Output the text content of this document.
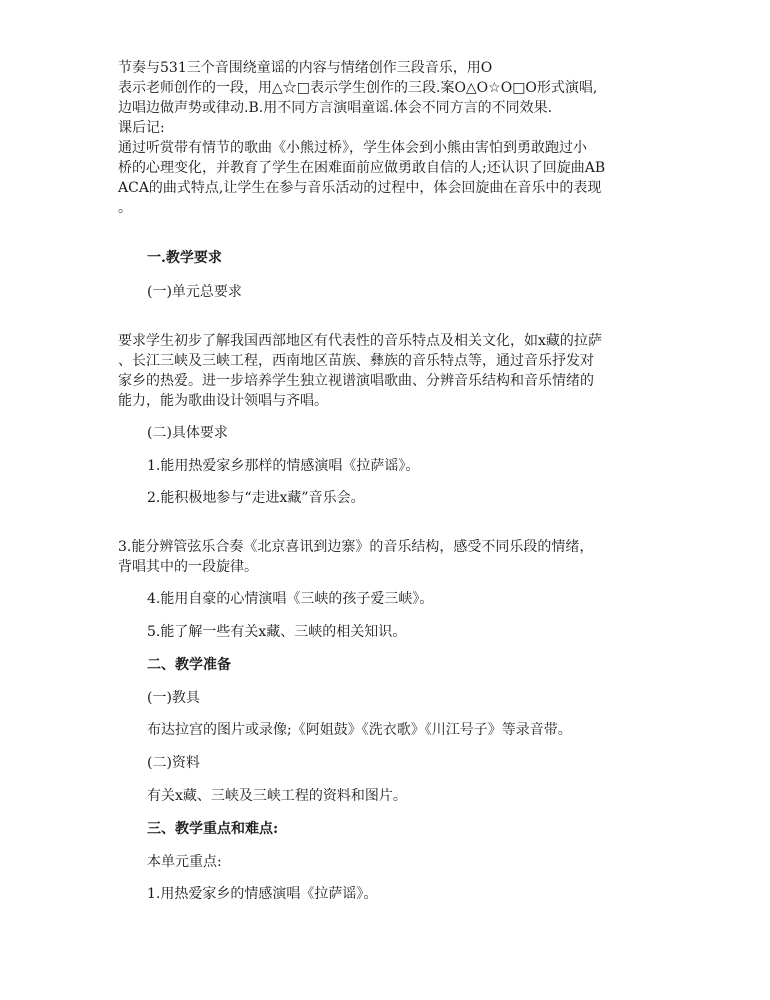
节奏与531三个音围绕童谣的内容与情绪创作三段音乐，用O
表示老师创作的一段，用△☆□表示学生创作的三段.案O△O☆O□O形式演唱,
边唱边做声势或律动.B.用不同方言演唱童谣.体会不同方言的不同效果.
课后记:
通过听赏带有情节的歌曲《小熊过桥》，学生体会到小熊由害怕到勇敢跑过小
桥的心理变化，并教育了学生在困难面前应做勇敢自信的人;还认识了回旋曲AB
ACA的曲式特点,让学生在参与音乐活动的过程中，体会回旋曲在音乐中的表现
。
一.教学要求
(一)单元总要求
要求学生初步了解我国西部地区有代表性的音乐特点及相关文化，如x藏的拉萨
、长江三峡及三峡工程，西南地区苗族、彝族的音乐特点等，通过音乐抒发对
家乡的热爱。进一步培养学生独立视谱演唱歌曲、分辨音乐结构和音乐情绪的
能力，能为歌曲设计领唱与齐唱。
(二)具体要求
1.能用热爱家乡那样的情感演唱《拉萨谣》。
2.能积极地参与“走进x藏”音乐会。
3.能分辨管弦乐合奏《北京喜讯到边寨》的音乐结构，感受不同乐段的情绪，
背唱其中的一段旋律。
4.能用自豪的心情演唱《三峡的孩子爱三峡》。
5.能了解一些有关x藏、三峡的相关知识。
二、教学准备
(一)教具
布达拉宫的图片或录像;《阿姐鼓》《洗衣歌》《川江号子》等录音带。
(二)资料
有关x藏、三峡及三峡工程的资料和图片。
三、教学重点和难点:
本单元重点:
1.用热爱家乡的情感演唱《拉萨谣》。
